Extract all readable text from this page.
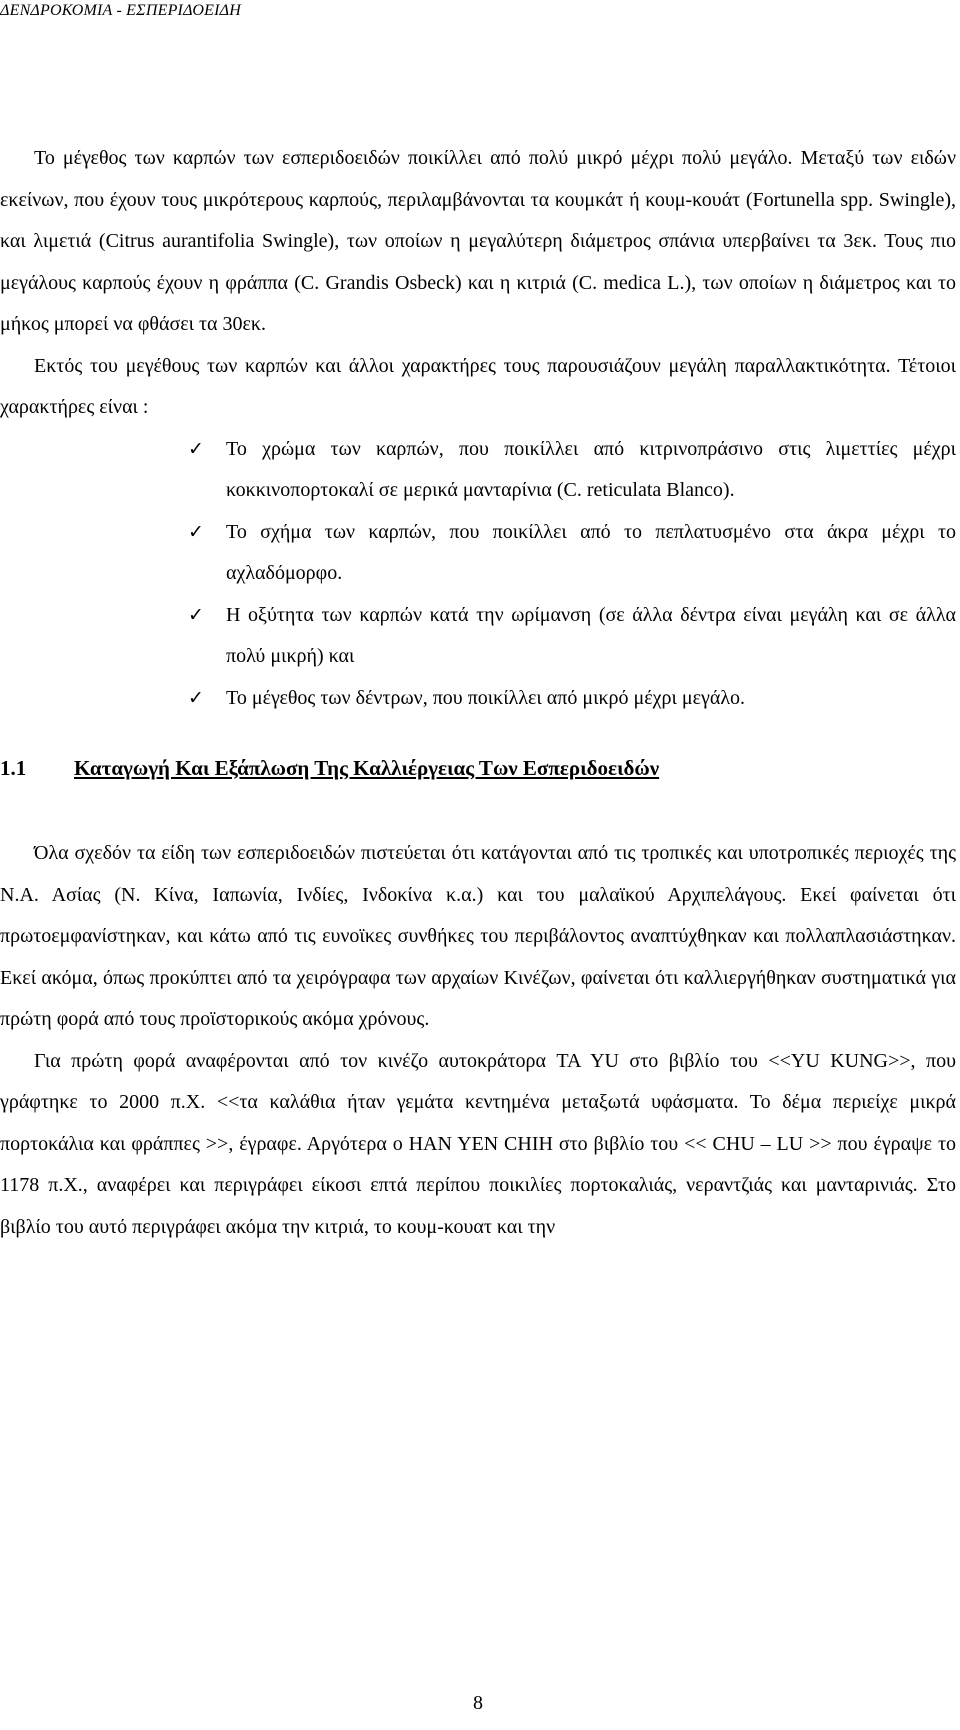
ΔΕΝΔΡΟΚΟΜΙΑ - ΕΣΠΕΡΙΔΟΕΙΔΗ

Το μέγεθος των καρπών των εσπεριδοειδών ποικίλλει από πολύ μικρό μέχρι πολύ μεγάλο. Μεταξύ των ειδών εκείνων, που έχουν τους μικρότερους καρπούς, περιλαμβάνονται τα κουμκάτ ή κουμ-κουάτ (Fortunella spp. Swingle), και λιμετιά (Citrus aurantifolia Swingle), των οποίων η μεγαλύτερη διάμετρος σπάνια υπερβαίνει τα 3εκ. Τους πιο μεγάλους καρπούς έχουν η φράππα (C. Grandis Osbeck) και η κιτριά (C. medica L.), των οποίων η διάμετρος και το μήκος μπορεί να φθάσει τα 30εκ.

Εκτός του μεγέθους των καρπών και άλλοι χαρακτήρες τους παρουσιάζουν μεγάλη παραλλακτικότητα. Τέτοιοι χαρακτήρες είναι :

✓ Το χρώμα των καρπών, που ποικίλλει από κιτρινοπράσινο στις λιμεττίες μέχρι κοκκινοπορτοκαλί σε μερικά μανταρίνια (C. reticulata Blanco).
✓ Το σχήμα των καρπών, που ποικίλλει από το πεπλατυσμένο στα άκρα μέχρι το αχλαδόμορφο.
✓ Η οξύτητα των καρπών κατά την ωρίμανση (σε άλλα δέντρα είναι μεγάλη και σε άλλα πολύ μικρή) και
✓ Το μέγεθος των δέντρων, που ποικίλλει από μικρό μέχρι μεγάλο.
1.1	Καταγωγή Και Εξάπλωση Της Καλλιέργειας Των Εσπεριδοειδών

Όλα σχεδόν τα είδη των εσπεριδοειδών πιστεύεται ότι κατάγονται από τις τροπικές και υποτροπικές περιοχές της Ν.Α. Ασίας (Ν. Κίνα, Ιαπωνία, Ινδίες, Ινδοκίνα κ.α.) και του μαλαϊκού Αρχιπελάγους. Εκεί φαίνεται ότι πρωτοεμφανίστηκαν, και κάτω από τις ευνοϊκες συνθήκες του περιβάλοντος αναπτύχθηκαν και πολλαπλασιάστηκαν. Εκεί ακόμα, όπως προκύπτει από τα χειρόγραφα των αρχαίων Κινέζων, φαίνεται ότι καλλιεργήθηκαν συστηματικά για πρώτη φορά από τους προϊστορικούς ακόμα χρόνους.

Για πρώτη φορά αναφέρονται από τον κινέζο αυτοκράτορα TA YU στο βιβλίο του <<YU KUNG>>, που γράφτηκε το 2000 π.Χ. <<τα καλάθια ήταν γεμάτα κεντημένα μεταξωτά υφάσματα. Το δέμα περιείχε μικρά πορτοκάλια και φράππες >>, έγραφε. Αργότερα ο HAN YEN CHIH στο βιβλίο του << CHU – LU >> που έγραψε το 1178 π.Χ., αναφέρει και περιγράφει είκοσι επτά περίπου ποικιλίες πορτοκαλιάς, νεραντζιάς και μανταρινιάς. Στο βιβλίο του αυτό περιγράφει ακόμα την κιτριά, το κουμ-κουατ και την

8
